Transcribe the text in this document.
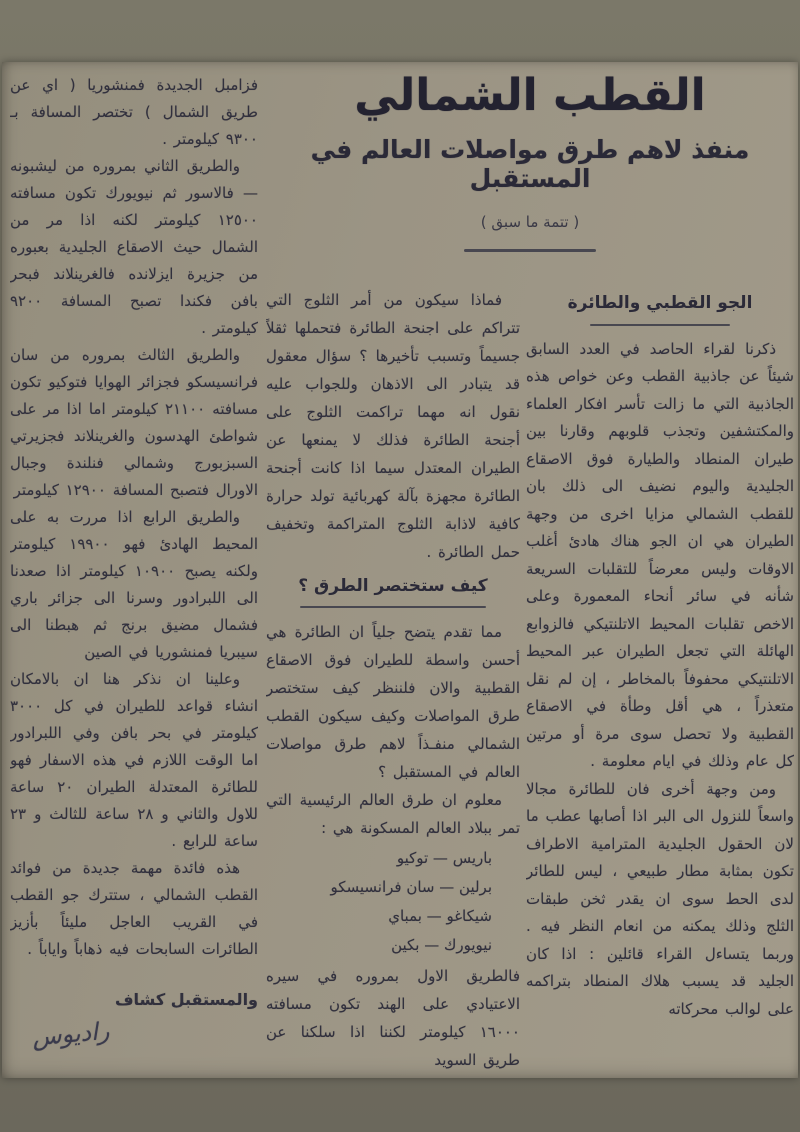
القطب الشمالي
منفذ لاهم طرق مواصلات العالم في المستقبل
( تتمة ما سبق )
الجو القطبي والطائرة

ذكرنا لقراء الحاصد في العدد السابق شيئاً عن جاذبية القطب وعن خواص هذه الجاذبية التي ما زالت تأسر افكار العلماء والمكتشفين وتجذب قلوبهم وقارنا بين طيران المنطاد والطيارة فوق الاصقاع الجليدية واليوم نضيف الى ذلك بان للقطب الشمالي مزايا اخرى من وجهة الطيران هي ان الجو هناك هادئ أغلب الاوقات وليس معرضاً للتقلبات السريعة شأنه في سائر أنحاء المعمورة وعلى الاخص تقلبات المحيط الاتلنتيكي فالزوابع الهائلة التي تجعل الطيران عبر المحيط الاتلنتيكي محفوفاً بالمخاطر ، إن لم نقل متعذراً ، هي أقل وطأة في الاصقاع القطبية ولا تحصل سوى مرة أو مرتين كل عام وذلك في ايام معلومة .

ومن وجهة أخرى فان للطائرة مجالا واسعاً للنزول الى البر اذا أصابها عطب ما لان الحقول الجليدية المترامية الاطراف تكون بمثابة مطار طبيعي ، ليس للطائر لدى الحط سوى ان يقدر ثخن طبقات الثلج وذلك يمكنه من انعام النظر فيه . وربما يتساءل القراء قائلين : اذا كان الجليد قد يسبب هلاك المنطاد بتراكمه على لوالب محركاته

فماذا سيكون من أمر الثلوج التي تتراكم على اجنحة الطائرة فتحملها ثقلاً جسيماً وتسبب تأخيرها ؟ سؤال معقول قد يتبادر الى الاذهان وللجواب عليه نقول انه مهما تراكمت الثلوج على أجنحة الطائرة فذلك لا يمنعها عن الطيران المعتدل سيما اذا كانت أجنحة الطائرة مجهزة بآلة كهربائية تولد حرارة كافية لاذابة الثلوج المتراكمة وتخفيف حمل الطائرة .

كيف ستختصر الطرق ؟

مما تقدم يتضح جلياً ان الطائرة هي أحسن واسطة للطيران فوق الاصقاع القطبية والان فلننظر كيف ستختصر طرق المواصلات وكيف سيكون القطب الشمالي منفـذاً لاهم طرق مواصلات العالم في المستقبل ؟

معلوم ان طرق العالم الرئيسية التي تمر ببلاد العالم المسكونة هي :

باريس — توكيو
برلين — سان فرانسيسكو
شيكاغو — بمباي
نيويورك — بكين

فالطريق الاول بمروره في سيره الاعتيادي على الهند تكون مسافته ١٦٠٠٠ كيلومتر لكننا اذا سلكنا عن طريق السويد

فزامبل الجديدة فمنشوريا ( اي عن طريق الشمال ) تختصر المسافة بـ ٩٣٠٠ كيلومتر .

والطريق الثاني بمروره من ليشبونه — فالاسور ثم نيويورك تكون مسافته ١٢٥٠٠ كيلومتر لكنه اذا مر من الشمال حيث الاصقاع الجليدية بعبوره من جزيرة ايزلانده فالغرينلاند فبحر بافن فكندا تصبح المسافة ٩٢٠٠ كيلومتر .

والطريق الثالث بمروره من سان فرانسيسكو فجزائر الهوايا فتوكيو تكون مسافته ٢١١٠٠ كيلومتر اما اذا مر على شواطئ الهدسون والغرينلاند فجزيرتي السبزبورج وشمالي فنلندة وجبال الاورال فتصبح المسافة ١٢٩٠٠ كيلومتر

والطريق الرابع اذا مررت به على المحيط الهادئ فهو ١٩٩٠٠ كيلومتر ولكنه يصبح ١٠٩٠٠ كيلومتر اذا صعدنا الى اللبرادور وسرنا الى جزائر باري فشمال مضيق برنج ثم هبطنا الى سيبريا فمنشوريا في الصين

وعلينا ان نذكر هنا ان بالامكان انشاء قواعد للطيران في كل ٣٠٠٠ كيلومتر في بحر بافن وفي اللبرادور اما الوقت اللازم في هذه الاسفار فهو للطائرة المعتدلة الطيران ٢٠ ساعة للاول والثاني و ٢٨ ساعة للثالث و ٢٣ ساعة للرابع .

هذه فائدة مهمة جديدة من فوائد القطب الشمالي ، ستترك جو القطب في القريب العاجل مليئاً بأزيز الطائرات السابحات فيه ذهاباً واياباً .

والمستقبل كشاف
راديوس
